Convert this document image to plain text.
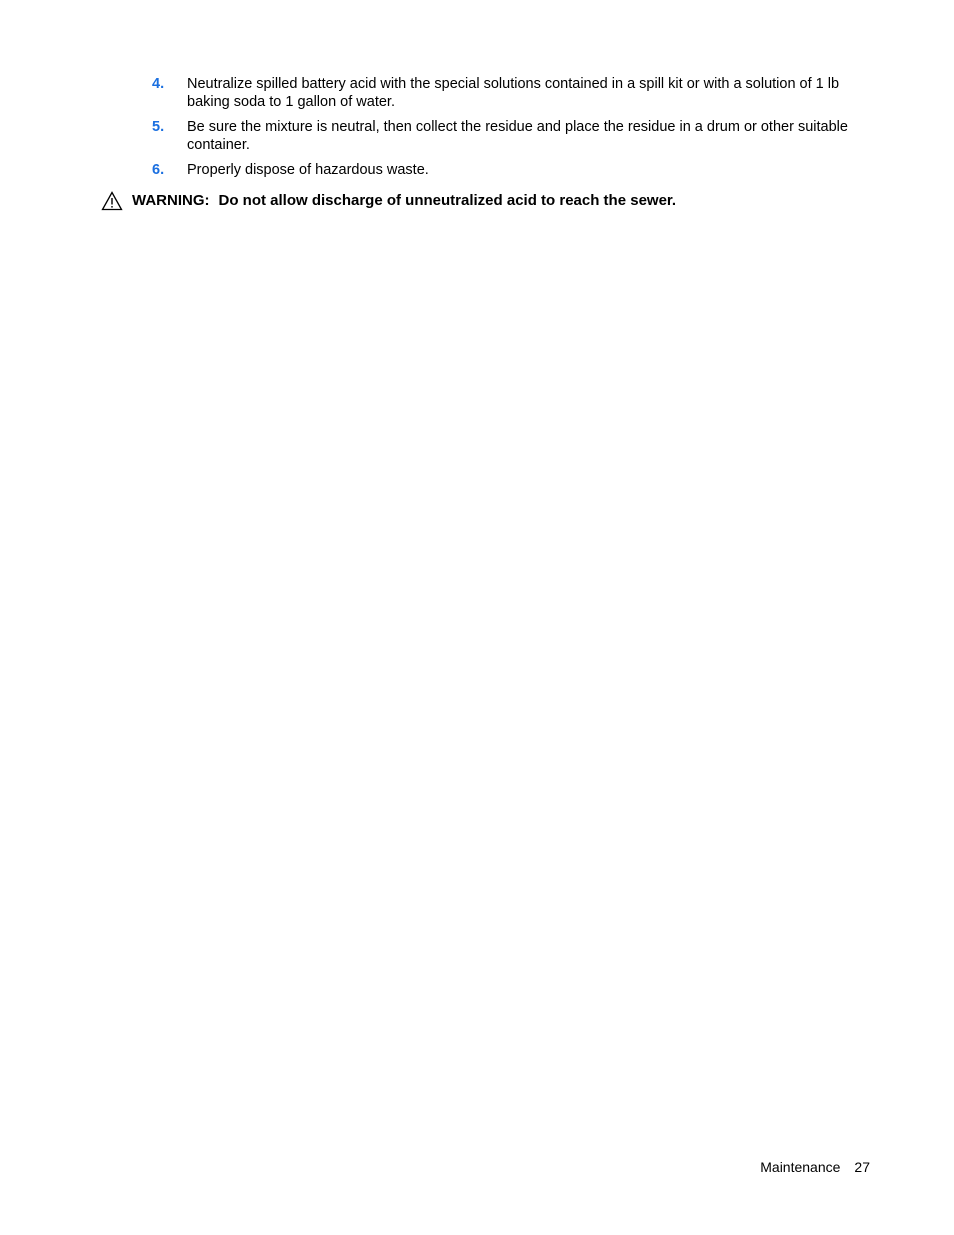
4.	Neutralize spilled battery acid with the special solutions contained in a spill kit or with a solution of 1 lb baking soda to 1 gallon of water.
5.	Be sure the mixture is neutral, then collect the residue and place the residue in a drum or other suitable container.
6.	Properly dispose of hazardous waste.
WARNING: Do not allow discharge of unneutralized acid to reach the sewer.
Maintenance 27
